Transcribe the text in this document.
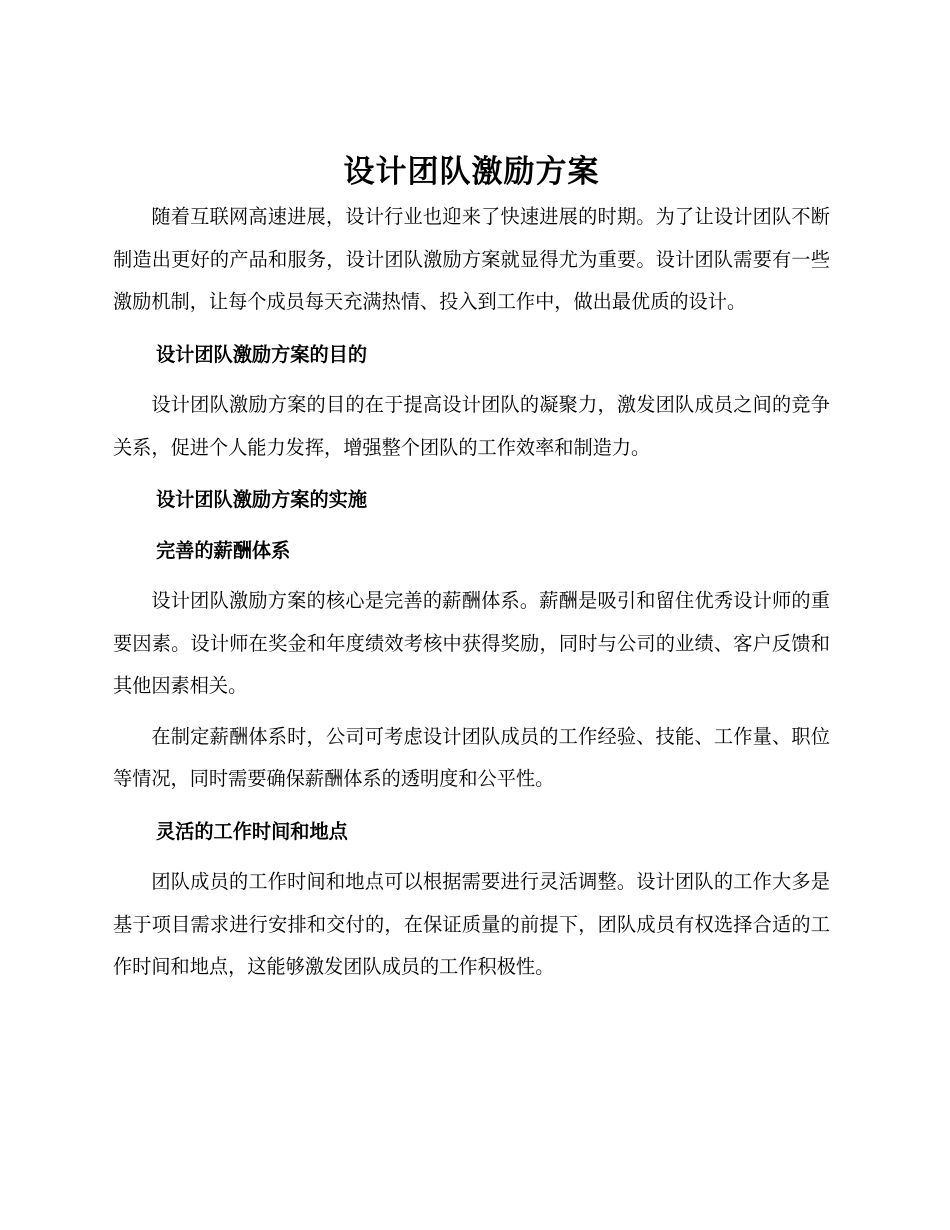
设计团队激励方案

随着互联网高速进展，设计行业也迎来了快速进展的时期。为了让设计团队不断制造出更好的产品和服务，设计团队激励方案就显得尤为重要。设计团队需要有一些激励机制，让每个成员每天充满热情、投入到工作中，做出最优质的设计。

设计团队激励方案的目的

设计团队激励方案的目的在于提高设计团队的凝聚力，激发团队成员之间的竞争关系，促进个人能力发挥，增强整个团队的工作效率和制造力。

设计团队激励方案的实施
完善的薪酬体系

设计团队激励方案的核心是完善的薪酬体系。薪酬是吸引和留住优秀设计师的重要因素。设计师在奖金和年度绩效考核中获得奖励，同时与公司的业绩、客户反馈和其他因素相关。

在制定薪酬体系时，公司可考虑设计团队成员的工作经验、技能、工作量、职位等情况，同时需要确保薪酬体系的透明度和公平性。

灵活的工作时间和地点

团队成员的工作时间和地点可以根据需要进行灵活调整。设计团队的工作大多是基于项目需求进行安排和交付的，在保证质量的前提下，团队成员有权选择合适的工作时间和地点，这能够激发团队成员的工作积极性。
